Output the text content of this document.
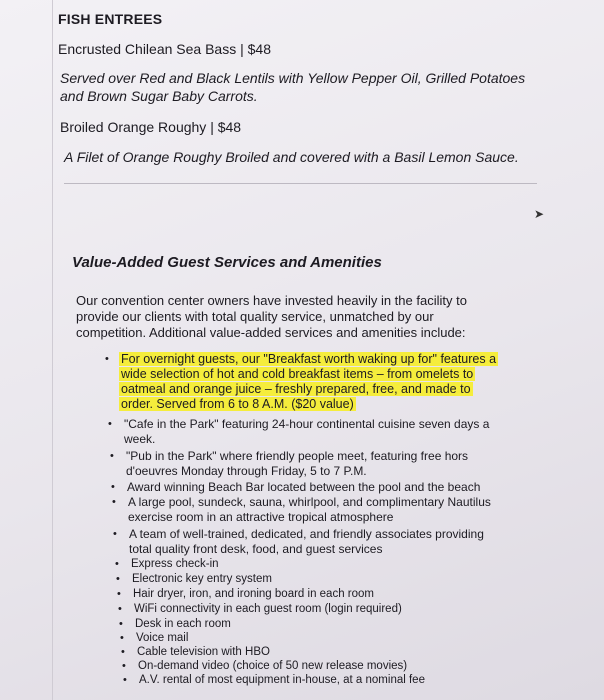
FISH ENTREES
Encrusted Chilean Sea Bass | $48
Served over Red and Black Lentils with Yellow Pepper Oil, Grilled Potatoes
and Brown Sugar Baby Carrots.
Broiled Orange Roughy | $48
A Filet of Orange Roughy Broiled and covered with a Basil Lemon Sauce.
➤
Value-Added Guest Services and Amenities
Our convention center owners have invested heavily in the facility to
provide our clients with total quality service, unmatched by our
competition. Additional value-added services and amenities include:
• For overnight guests, our "Breakfast worth waking up for" features a
wide selection of hot and cold breakfast items – from omelets to
oatmeal and orange juice – freshly prepared, free, and made to
order. Served from 6 to 8 A.M. ($20 value)
• "Cafe in the Park" featuring 24-hour continental cuisine seven days a
week.
• "Pub in the Park" where friendly people meet, featuring free hors
d'oeuvres Monday through Friday, 5 to 7 P.M.
• Award winning Beach Bar located between the pool and the beach
• A large pool, sundeck, sauna, whirlpool, and complimentary Nautilus
exercise room in an attractive tropical atmosphere
• A team of well-trained, dedicated, and friendly associates providing
total quality front desk, food, and guest services
• Express check-in
• Electronic key entry system
• Hair dryer, iron, and ironing board in each room
• WiFi connectivity in each guest room (login required)
• Desk in each room
• Voice mail
• Cable television with HBO
• On-demand video (choice of 50 new release movies)
• A.V. rental of most equipment in-house, at a nominal fee
